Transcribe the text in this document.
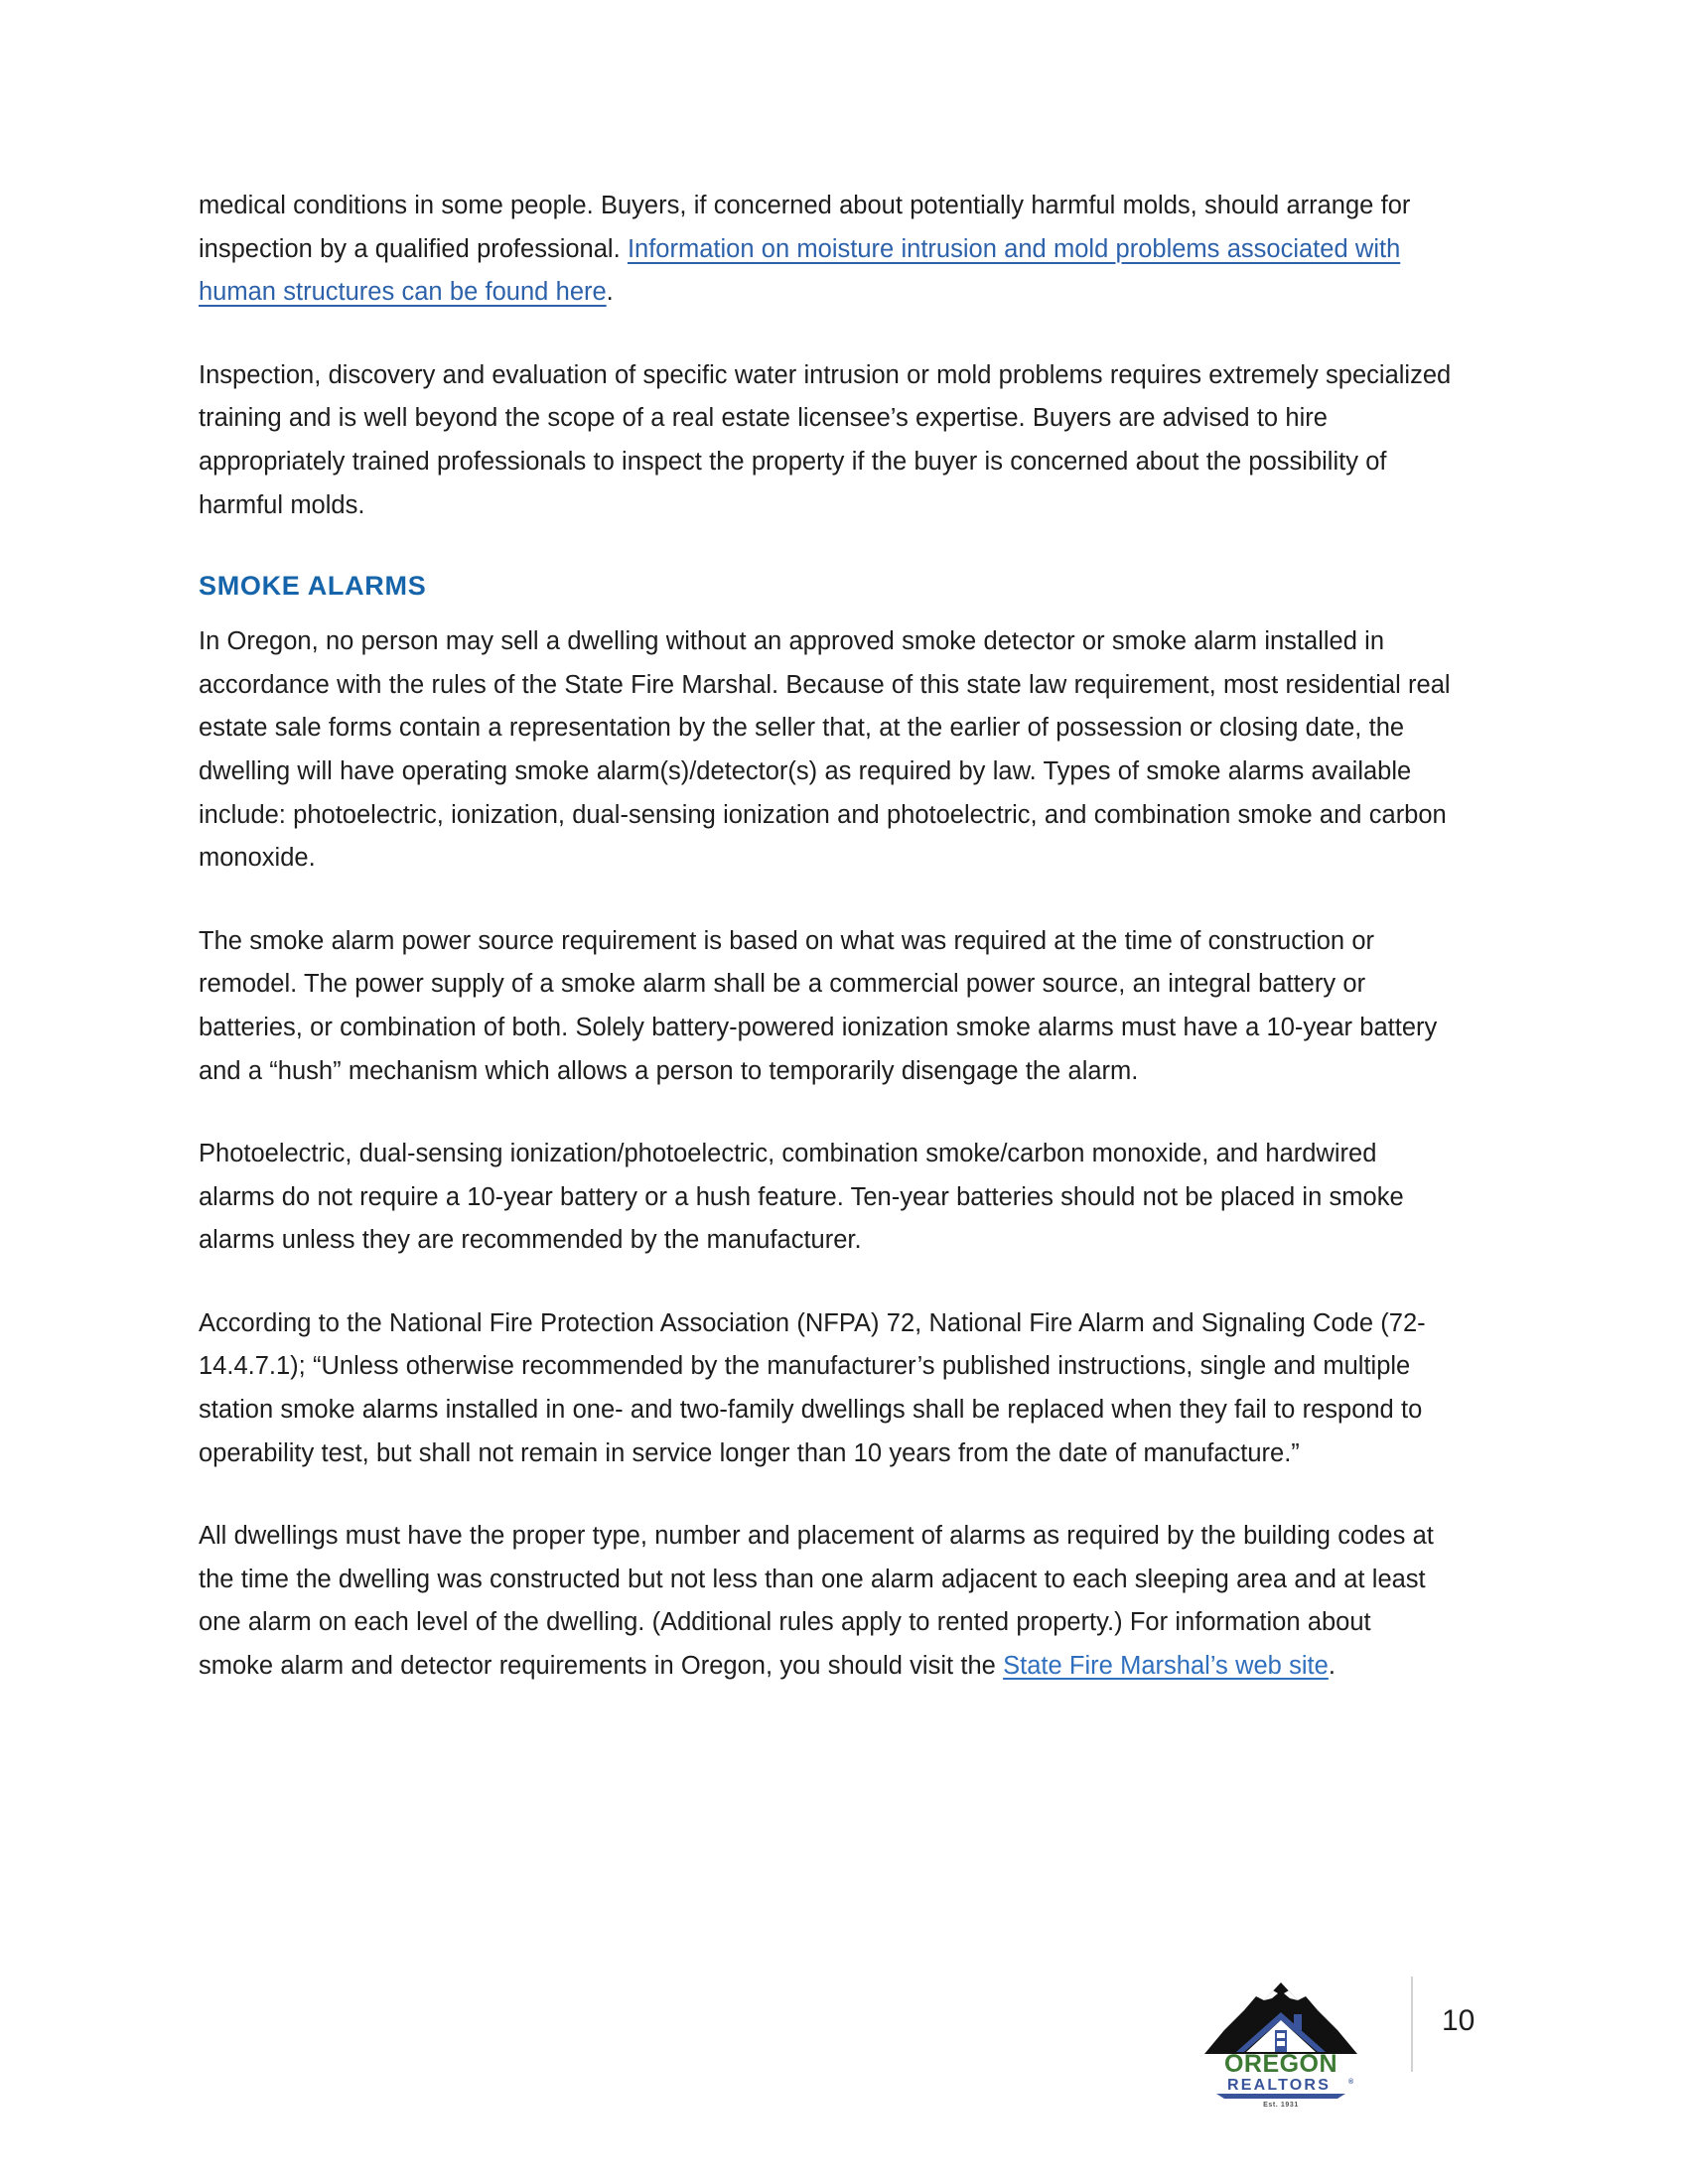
medical conditions in some people. Buyers, if concerned about potentially harmful molds, should arrange for inspection by a qualified professional. Information on moisture intrusion and mold problems associated with human structures can be found here.

Inspection, discovery and evaluation of specific water intrusion or mold problems requires extremely specialized training and is well beyond the scope of a real estate licensee’s expertise. Buyers are advised to hire appropriately trained professionals to inspect the property if the buyer is concerned about the possibility of harmful molds.

SMOKE ALARMS

In Oregon, no person may sell a dwelling without an approved smoke detector or smoke alarm installed in accordance with the rules of the State Fire Marshal. Because of this state law requirement, most residential real estate sale forms contain a representation by the seller that, at the earlier of possession or closing date, the dwelling will have operating smoke alarm(s)/detector(s) as required by law. Types of smoke alarms available include: photoelectric, ionization, dual-sensing ionization and photoelectric, and combination smoke and carbon monoxide.

The smoke alarm power source requirement is based on what was required at the time of construction or remodel. The power supply of a smoke alarm shall be a commercial power source, an integral battery or batteries, or combination of both. Solely battery-powered ionization smoke alarms must have a 10-year battery and a “hush” mechanism which allows a person to temporarily disengage the alarm.

Photoelectric, dual-sensing ionization/photoelectric, combination smoke/carbon monoxide, and hardwired alarms do not require a 10-year battery or a hush feature. Ten-year batteries should not be placed in smoke alarms unless they are recommended by the manufacturer.

According to the National Fire Protection Association (NFPA) 72, National Fire Alarm and Signaling Code (72-14.4.7.1); “Unless otherwise recommended by the manufacturer’s published instructions, single and multiple station smoke alarms installed in one- and two-family dwellings shall be replaced when they fail to respond to operability test, but shall not remain in service longer than 10 years from the date of manufacture.”

All dwellings must have the proper type, number and placement of alarms as required by the building codes at the time the dwelling was constructed but not less than one alarm adjacent to each sleeping area and at least one alarm on each level of the dwelling. (Additional rules apply to rented property.) For information about smoke alarm and detector requirements in Oregon, you should visit the State Fire Marshal’s web site.

OREGON
REALTORS	®
Est. 1931
10
